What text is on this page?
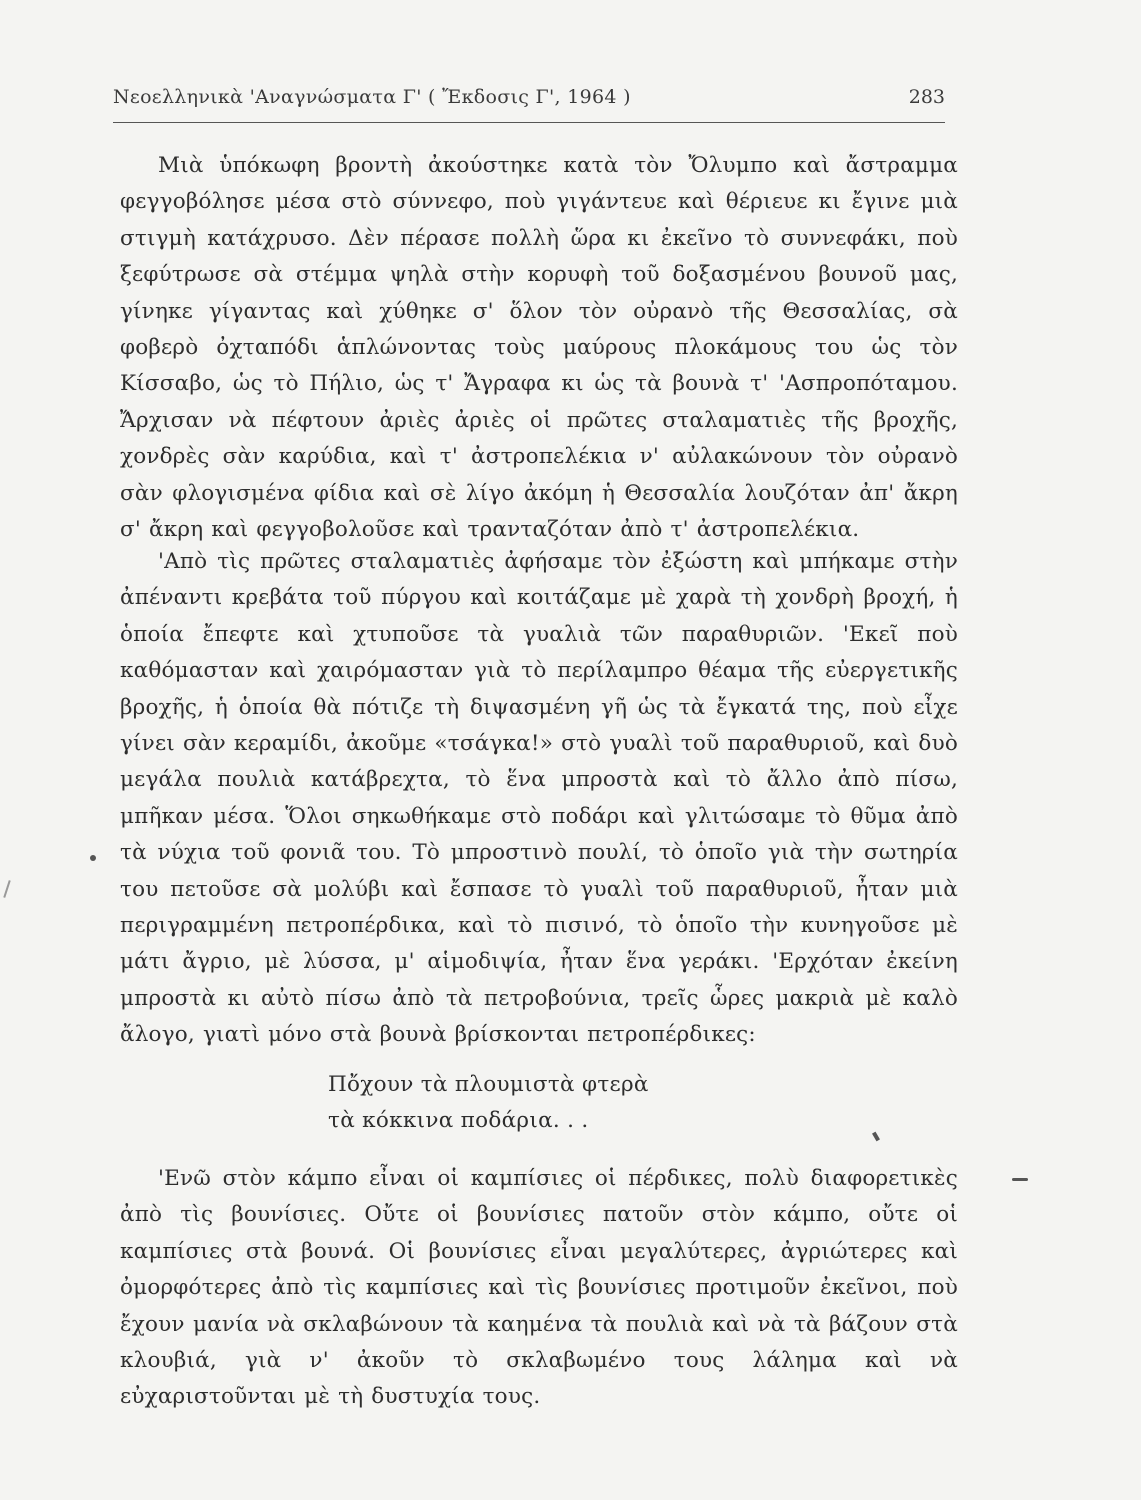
Νεοελληνικὰ 'Αναγνώσματα Γ' ( Ἔκδοσις Γ', 1964 )	283

Μιὰ ὑπόκωφη βροντὴ ἀκούστηκε κατὰ τὸν Ὄλυμπο καὶ ἄστραμμα φεγγοβόλησε μέσα στὸ σύννεφο, ποὺ γιγάντευε καὶ θέριευε κι ἔγινε μιὰ στιγμὴ κατάχρυσο. Δὲν πέρασε πολλὴ ὥρα κι ἐκεῖνο τὸ συννεφάκι, ποὺ ξεφύτρωσε σὰ στέμμα ψηλὰ στὴν κορυφὴ τοῦ δοξασμένου βουνοῦ μας, γίνηκε γίγαντας καὶ χύθηκε σ' ὅλον τὸν οὐρανὸ τῆς Θεσσαλίας, σὰ φοβερὸ ὀχταπόδι ἁπλώνοντας τοὺς μαύρους πλοκάμους του ὡς τὸν Κίσσαβο, ὡς τὸ Πήλιο, ὡς τ' Ἄγραφα κι ὡς τὰ βουνὰ τ' 'Ασπροπόταμου. Ἄρχισαν νὰ πέφτουν ἀριὲς ἀριὲς οἱ πρῶτες σταλαματιὲς τῆς βροχῆς, χονδρὲς σὰν καρύδια, καὶ τ' ἀστροπελέκια ν' αὐλακώνουν τὸν οὐρανὸ σὰν φλογισμένα φίδια καὶ σὲ λίγο ἀκόμη ἡ Θεσσαλία λουζόταν ἀπ' ἄκρη σ' ἄκρη καὶ φεγγοβολοῦσε καὶ τρανταζόταν ἀπὸ τ' ἀστροπελέκια.

'Απὸ τὶς πρῶτες σταλαματιὲς ἀφήσαμε τὸν ἐξώστη καὶ μπήκαμε στὴν ἀπέναντι κρεβάτα τοῦ πύργου καὶ κοιτάζαμε μὲ χαρὰ τὴ χονδρὴ βροχή, ἡ ὁποία ἔπεφτε καὶ χτυποῦσε τὰ γυαλιὰ τῶν παραθυριῶν. 'Εκεῖ ποὺ καθόμασταν καὶ χαιρόμασταν γιὰ τὸ περίλαμπρο θέαμα τῆς εὐεργετικῆς βροχῆς, ἡ ὁποία θὰ πότιζε τὴ διψασμένη γῆ ὡς τὰ ἔγκατά της, ποὺ εἶχε γίνει σὰν κεραμίδι, ἀκοῦμε «τσάγκα!» στὸ γυαλὶ τοῦ παραθυριοῦ, καὶ δυὸ μεγάλα πουλιὰ κατάβρεχτα, τὸ ἕνα μπροστὰ καὶ τὸ ἄλλο ἀπὸ πίσω, μπῆκαν μέσα. Ὅλοι σηκωθήκαμε στὸ ποδάρι καὶ γλιτώσαμε τὸ θῦμα ἀπὸ τὰ νύχια τοῦ φονιᾶ του. Τὸ μπροστινὸ πουλί, τὸ ὁποῖο γιὰ τὴν σωτηρία του πετοῦσε σὰ μολύβι καὶ ἔσπασε τὸ γυαλὶ τοῦ παραθυριοῦ, ἦταν μιὰ περιγραμμένη πετροπέρδικα, καὶ τὸ πισινό, τὸ ὁποῖο τὴν κυνηγοῦσε μὲ μάτι ἄγριο, μὲ λύσσα, μ' αἱμοδιψία, ἦταν ἕνα γεράκι. 'Ερχόταν ἐκείνη μπροστὰ κι αὐτὸ πίσω ἀπὸ τὰ πετροβούνια, τρεῖς ὧρες μακριὰ μὲ καλὸ ἄλογο, γιατὶ μόνο στὰ βουνὰ βρίσκονται πετροπέρδικες:

Πὄχουν τὰ πλουμιστὰ φτερὰ
τὰ κόκκινα ποδάρια. . .

'Ενῶ στὸν κάμπο εἶναι οἱ καμπίσιες οἱ πέρδικες, πολὺ διαφορετικὲς ἀπὸ τὶς βουνίσιες. Οὔτε οἱ βουνίσιες πατοῦν στὸν κάμπο, οὔτε οἱ καμπίσιες στὰ βουνά. Οἱ βουνίσιες εἶναι μεγαλύτερες, ἀγριώτερες καὶ ὀμορφότερες ἀπὸ τὶς καμπίσιες καὶ τὶς βουνίσιες προτιμοῦν ἐκεῖνοι, ποὺ ἔχουν μανία νὰ σκλαβώνουν τὰ καημένα τὰ πουλιὰ καὶ νὰ τὰ βάζουν στὰ κλουβιά, γιὰ ν' ἀκοῦν τὸ σκλαβωμένο τους λάλημα καὶ νὰ εὐχαριστοῦνται μὲ τὴ δυστυχία τους.
